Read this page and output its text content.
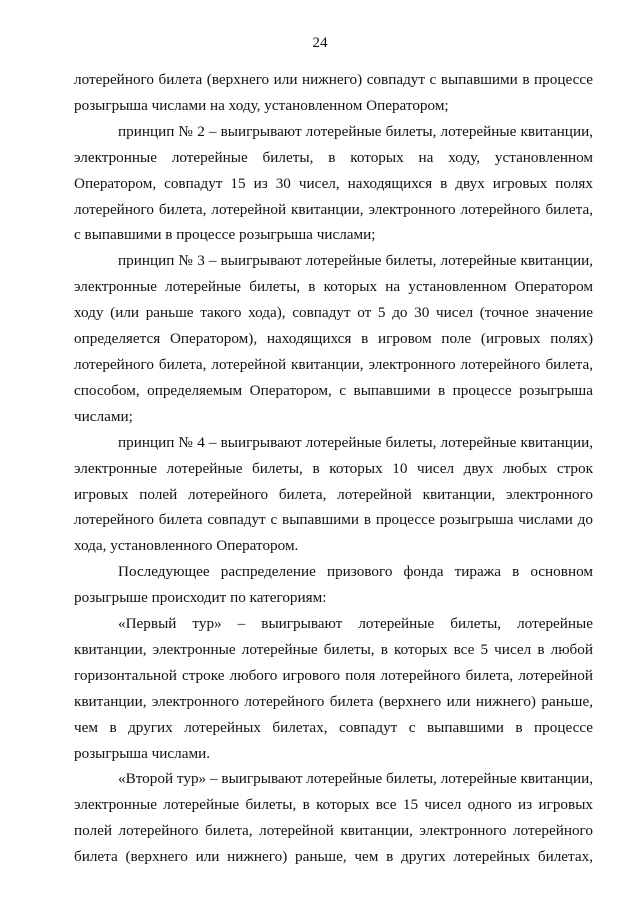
24

лотерейного билета (верхнего или нижнего) совпадут с выпавшими в процессе розыгрыша числами на ходу, установленном Оператором;

принцип № 2 – выигрывают лотерейные билеты, лотерейные квитанции, электронные лотерейные билеты, в которых на ходу, установленном Оператором, совпадут 15 из 30 чисел, находящихся в двух игровых полях лотерейного билета, лотерейной квитанции, электронного лотерейного билета, с выпавшими в процессе розыгрыша числами;

принцип № 3 – выигрывают лотерейные билеты, лотерейные квитанции, электронные лотерейные билеты, в которых на установленном Оператором ходу (или раньше такого хода), совпадут от 5 до 30 чисел (точное значение определяется Оператором), находящихся в игровом поле (игровых полях) лотерейного билета, лотерейной квитанции, электронного лотерейного билета, способом, определяемым Оператором, с выпавшими в процессе розыгрыша числами;

принцип № 4 – выигрывают лотерейные билеты, лотерейные квитанции, электронные лотерейные билеты, в которых 10 чисел двух любых строк игровых полей лотерейного билета, лотерейной квитанции, электронного лотерейного билета совпадут с выпавшими в процессе розыгрыша числами до хода, установленного Оператором.

Последующее распределение призового фонда тиража в основном розыгрыше происходит по категориям:

«Первый тур» – выигрывают лотерейные билеты, лотерейные квитанции, электронные лотерейные билеты, в которых все 5 чисел в любой горизонтальной строке любого игрового поля лотерейного билета, лотерейной квитанции, электронного лотерейного билета (верхнего или нижнего) раньше, чем в других лотерейных билетах, совпадут с выпавшими в процессе розыгрыша числами.

«Второй тур» – выигрывают лотерейные билеты, лотерейные квитанции, электронные лотерейные билеты, в которых все 15 чисел одного из игровых полей лотерейного билета, лотерейной квитанции, электронного лотерейного билета (верхнего или нижнего) раньше, чем в других лотерейных билетах,
